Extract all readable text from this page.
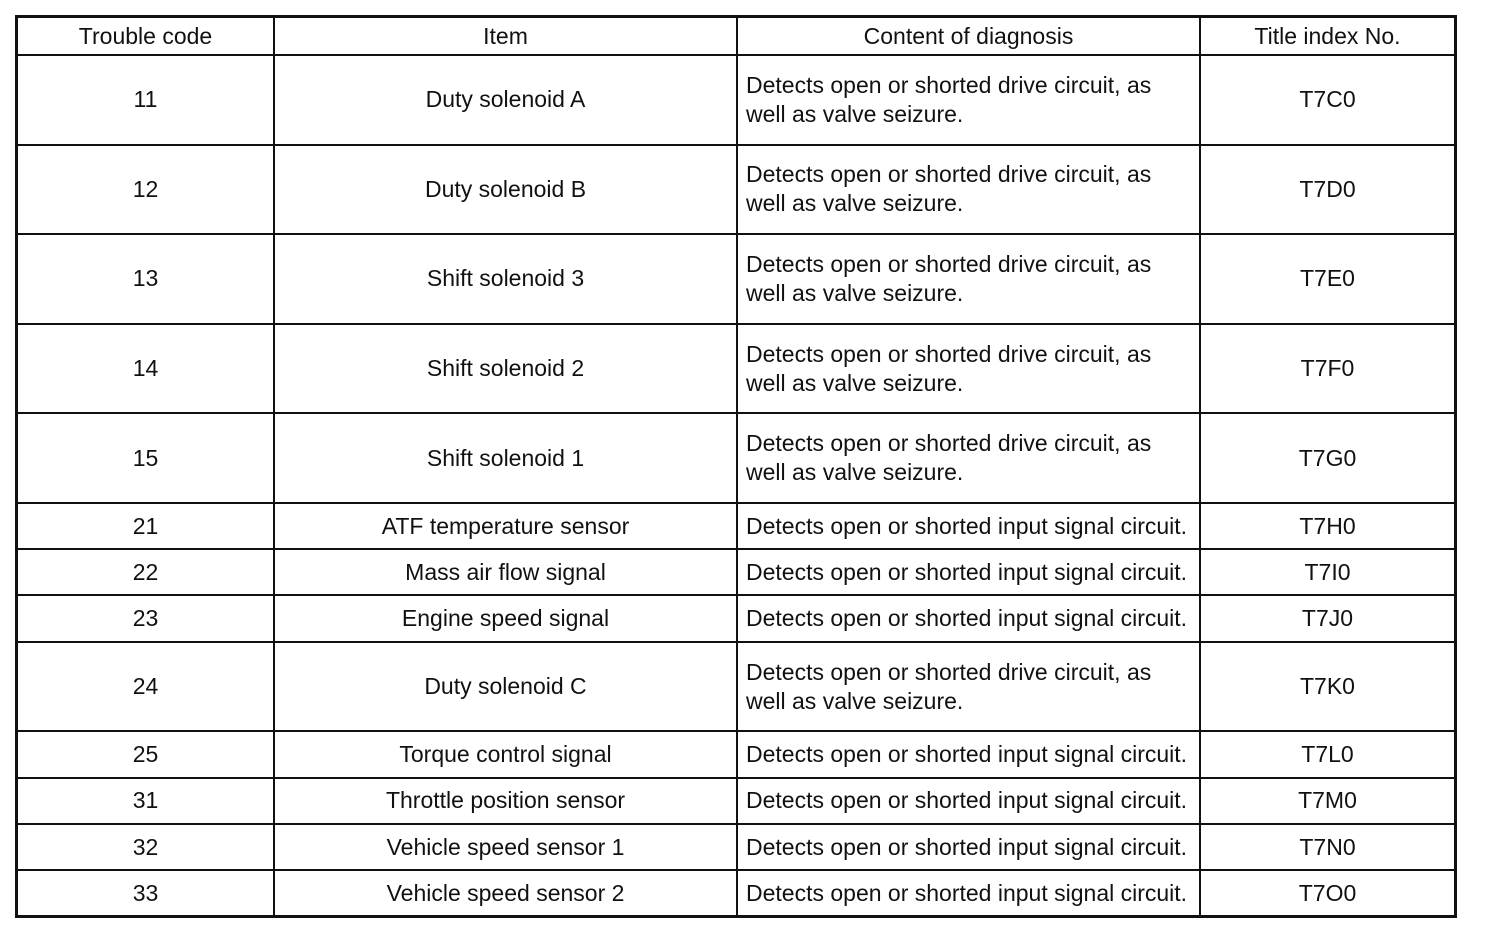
Trouble code	Item	Content of diagnosis	Title index No.
11	Duty solenoid A	Detects open or shorted drive circuit, as well as valve seizure.	T7C0
12	Duty solenoid B	Detects open or shorted drive circuit, as well as valve seizure.	T7D0
13	Shift solenoid 3	Detects open or shorted drive circuit, as well as valve seizure.	T7E0
14	Shift solenoid 2	Detects open or shorted drive circuit, as well as valve seizure.	T7F0
15	Shift solenoid 1	Detects open or shorted drive circuit, as well as valve seizure.	T7G0
21	ATF temperature sensor	Detects open or shorted input signal circuit.	T7H0
22	Mass air flow signal	Detects open or shorted input signal circuit.	T7I0
23	Engine speed signal	Detects open or shorted input signal circuit.	T7J0
24	Duty solenoid C	Detects open or shorted drive circuit, as well as valve seizure.	T7K0
25	Torque control signal	Detects open or shorted input signal circuit.	T7L0
31	Throttle position sensor	Detects open or shorted input signal circuit.	T7M0
32	Vehicle speed sensor 1	Detects open or shorted input signal circuit.	T7N0
33	Vehicle speed sensor 2	Detects open or shorted input signal circuit.	T7O0
